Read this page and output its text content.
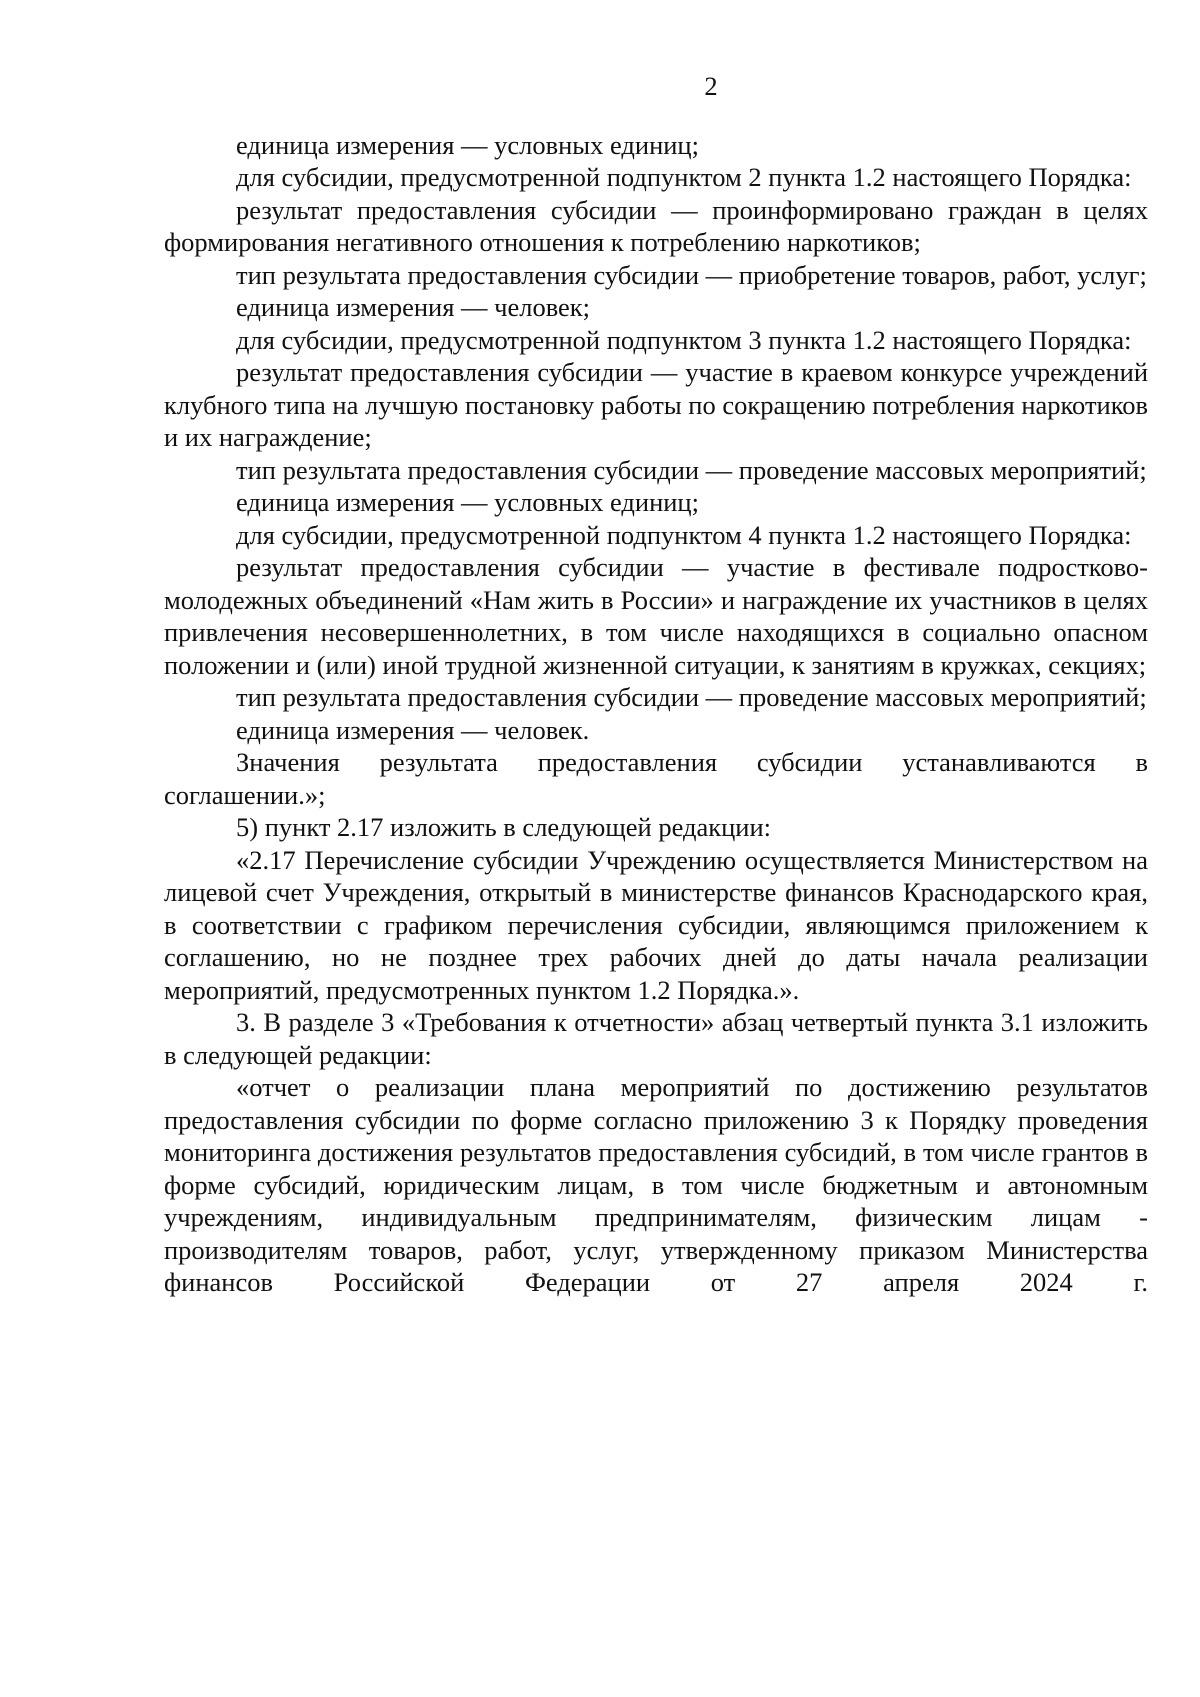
2

единица измерения — условных единиц;

для субсидии, предусмотренной подпунктом 2 пункта 1.2 настоящего Порядка:

результат предоставления субсидии — проинформировано граждан в целях формирования негативного отношения к потреблению наркотиков;

тип результата предоставления субсидии — приобретение товаров, работ, услуг;

единица измерения — человек;

для субсидии, предусмотренной подпунктом 3 пункта 1.2 настоящего Порядка:

результат предоставления субсидии — участие в краевом конкурсе учреждений клубного типа на лучшую постановку работы по сокращению потребления наркотиков и их награждение;

тип результата предоставления субсидии — проведение массовых мероприятий;

единица измерения — условных единиц;

для субсидии, предусмотренной подпунктом 4 пункта 1.2 настоящего Порядка:

результат предоставления субсидии — участие в фестивале подростково-молодежных объединений «Нам жить в России» и награждение их участников в целях привлечения несовершеннолетних, в том числе находящихся в социально опасном положении и (или) иной трудной жизненной ситуации, к занятиям в кружках, секциях;

тип результата предоставления субсидии — проведение массовых мероприятий;

единица измерения — человек.

Значения результата предоставления субсидии устанавливаются в соглашении.»;

5) пункт 2.17 изложить в следующей редакции:

«2.17 Перечисление субсидии Учреждению осуществляется Министерством на лицевой счет Учреждения, открытый в министерстве финансов Краснодарского края, в соответствии с графиком перечисления субсидии, являющимся приложением к соглашению, но не позднее трех рабочих дней до даты начала реализации мероприятий, предусмотренных пунктом 1.2 Порядка.».

3. В разделе 3 «Требования к отчетности» абзац четвертый пункта 3.1 изложить в следующей редакции:

«отчет о реализации плана мероприятий по достижению результатов предоставления субсидии по форме согласно приложению 3 к Порядку проведения мониторинга достижения результатов предоставления субсидий, в том числе грантов в форме субсидий, юридическим лицам, в том числе бюджетным и автономным учреждениям, индивидуальным предпринимателям, физическим лицам - производителям товаров, работ, услуг, утвержденному приказом Министерства финансов Российской Федерации от 27 апреля 2024 г.
